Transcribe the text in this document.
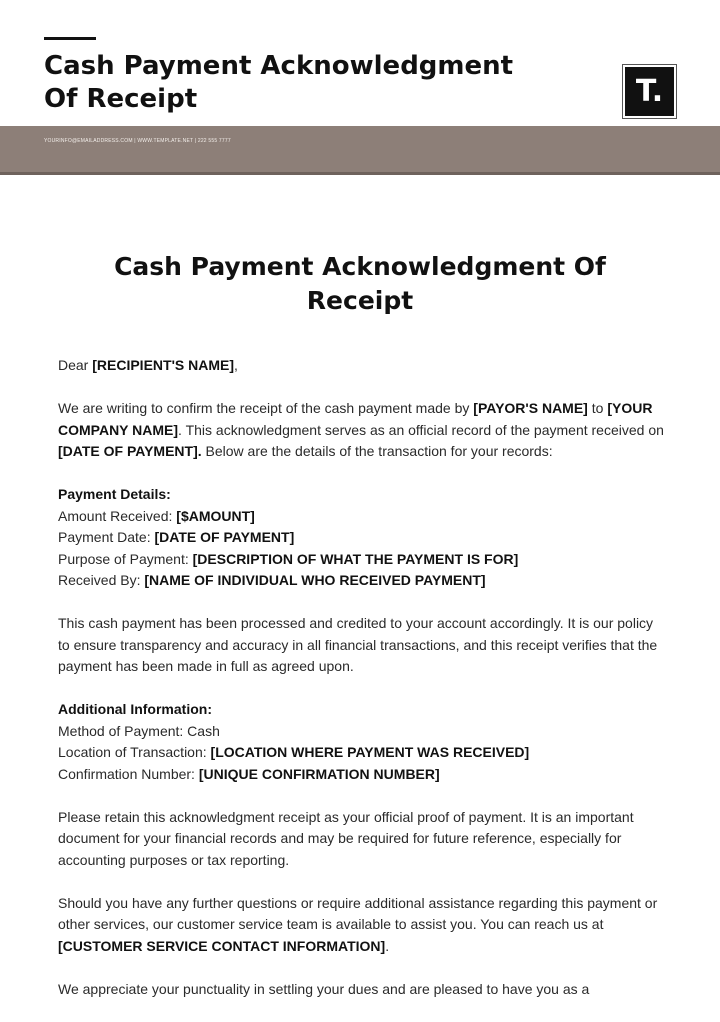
Cash Payment Acknowledgment
Of Receipt	T.
YOURINFO@EMAILADDRESS.COM | WWW.TEMPLATE.NET | 222 555 7777
Cash Payment Acknowledgment Of
Receipt

Dear [RECIPIENT'S NAME],

We are writing to confirm the receipt of the cash payment made by [PAYOR'S NAME] to [YOUR COMPANY NAME]. This acknowledgment serves as an official record of the payment received on [DATE OF PAYMENT]. Below are the details of the transaction for your records:

Payment Details:
Amount Received: [$AMOUNT]
Payment Date: [DATE OF PAYMENT]
Purpose of Payment: [DESCRIPTION OF WHAT THE PAYMENT IS FOR]
Received By: [NAME OF INDIVIDUAL WHO RECEIVED PAYMENT]

This cash payment has been processed and credited to your account accordingly. It is our policy to ensure transparency and accuracy in all financial transactions, and this receipt verifies that the payment has been made in full as agreed upon.

Additional Information:
Method of Payment: Cash
Location of Transaction: [LOCATION WHERE PAYMENT WAS RECEIVED]
Confirmation Number: [UNIQUE CONFIRMATION NUMBER]

Please retain this acknowledgment receipt as your official proof of payment. It is an important document for your financial records and may be required for future reference, especially for accounting purposes or tax reporting.

Should you have any further questions or require additional assistance regarding this payment or other services, our customer service team is available to assist you. You can reach us at [CUSTOMER SERVICE CONTACT INFORMATION].

We appreciate your punctuality in settling your dues and are pleased to have you as a
